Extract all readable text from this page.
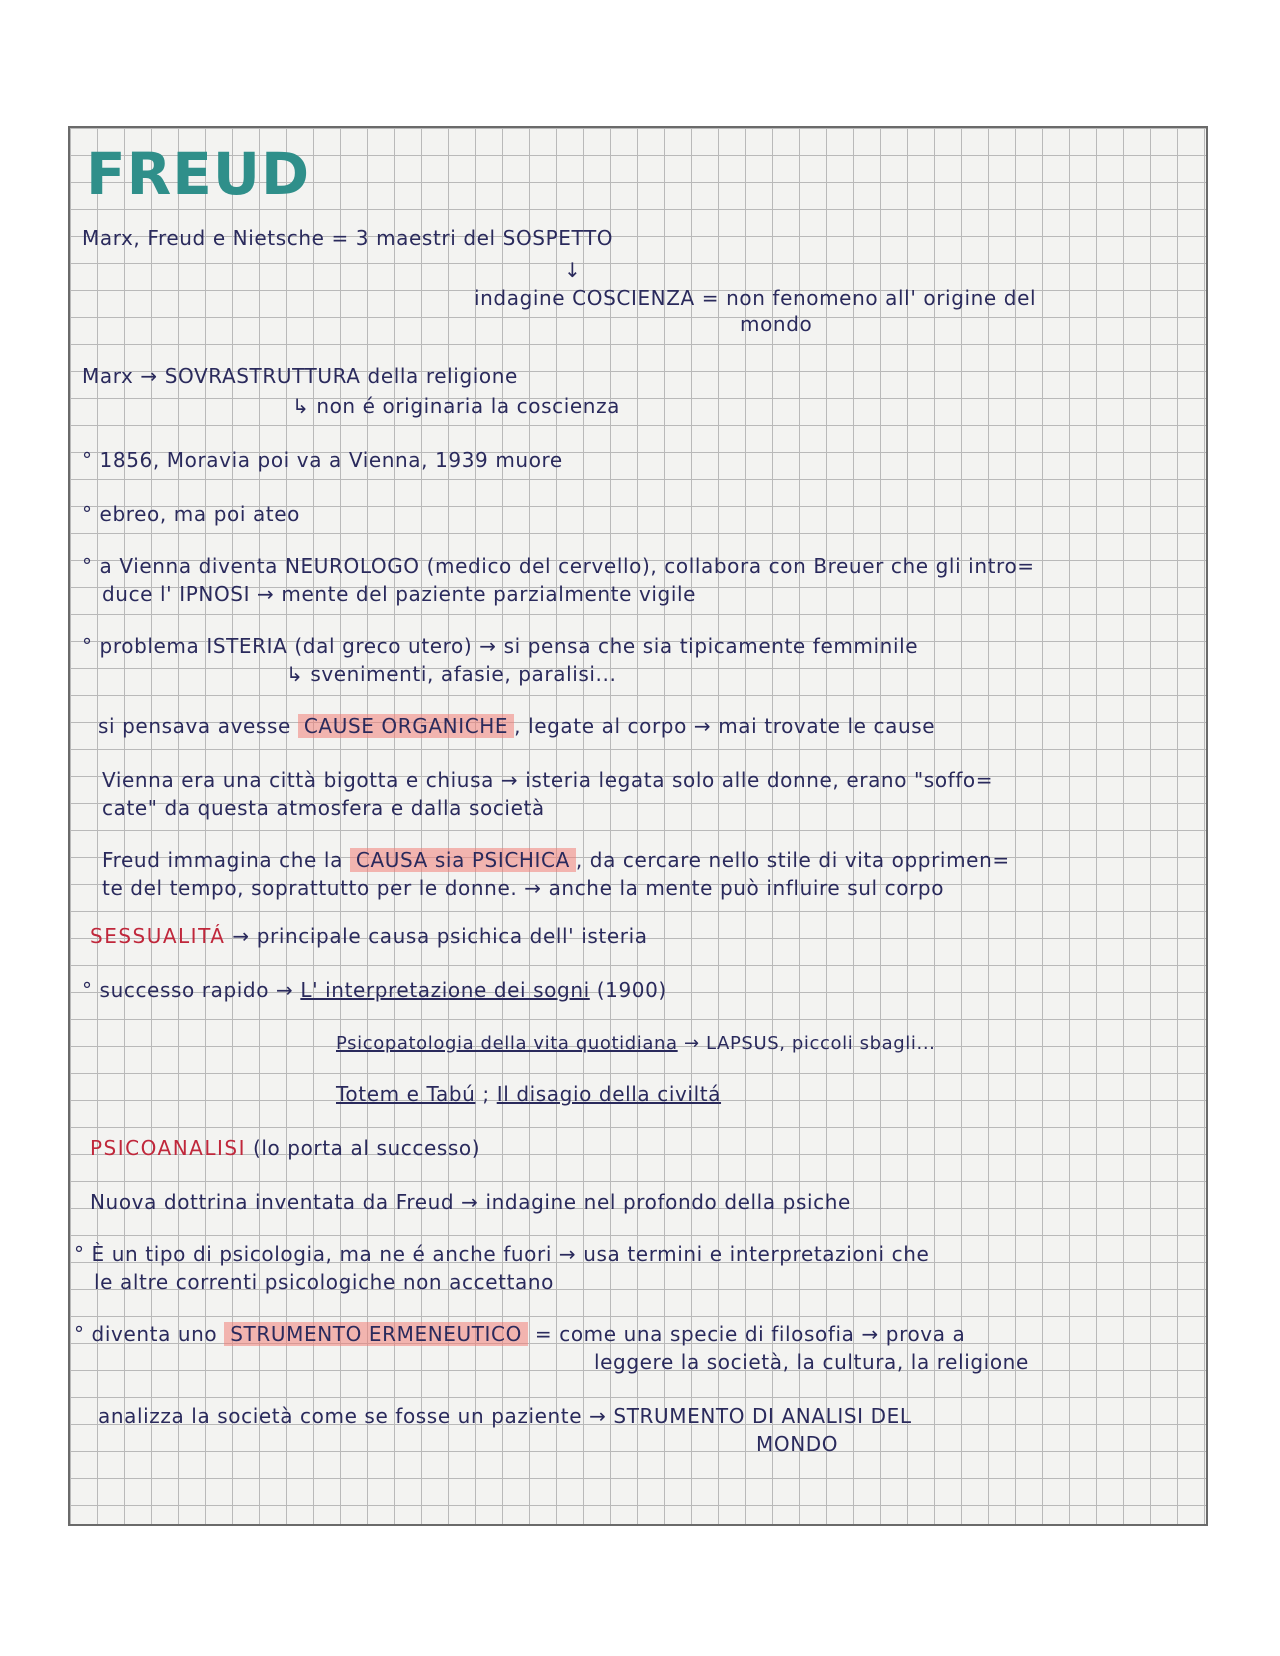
FREUD
Marx, Freud e Nietsche = 3 maestri del SOSPETTO
↓
indagine COSCIENZA = non fenomeno all' origine del
mondo
Marx → SOVRASTRUTTURA della religione
↳ non é originaria la coscienza
° 1856, Moravia poi va a Vienna, 1939 muore
° ebreo, ma poi ateo
° a Vienna diventa NEUROLOGO (medico del cervello), collabora con Breuer che gli intro=
duce l' IPNOSI → mente del paziente parzialmente vigile
° problema ISTERIA (dal greco utero) → si pensa che sia tipicamente femminile
↳ svenimenti, afasie, paralisi...
si pensava avesse CAUSE ORGANICHE , legate al corpo → mai trovate le cause
Vienna era una città bigotta e chiusa → isteria legata solo alle donne, erano "soffo=
cate" da questa atmosfera e dalla società
Freud immagina che la CAUSA sia PSICHICA , da cercare nello stile di vita opprimen=
te del tempo, soprattutto per le donne. → anche la mente può influire sul corpo
SESSUALITÁ → principale causa psichica dell' isteria
° successo rapido → L' interpretazione dei sogni (1900)
Psicopatologia della vita quotidiana → LAPSUS, piccoli sbagli...
Totem e Tabú ; Il disagio della civiltá
PSICOANALISI (lo porta al successo)
Nuova dottrina inventata da Freud → indagine nel profondo della psiche
° È un tipo di psicologia, ma ne é anche fuori → usa termini e interpretazioni che
le altre correnti psicologiche non accettano
° diventa uno STRUMENTO ERMENEUTICO = come una specie di filosofia → prova a
leggere la società, la cultura, la religione
analizza la società come se fosse un paziente → STRUMENTO DI ANALISI DEL
MONDO
